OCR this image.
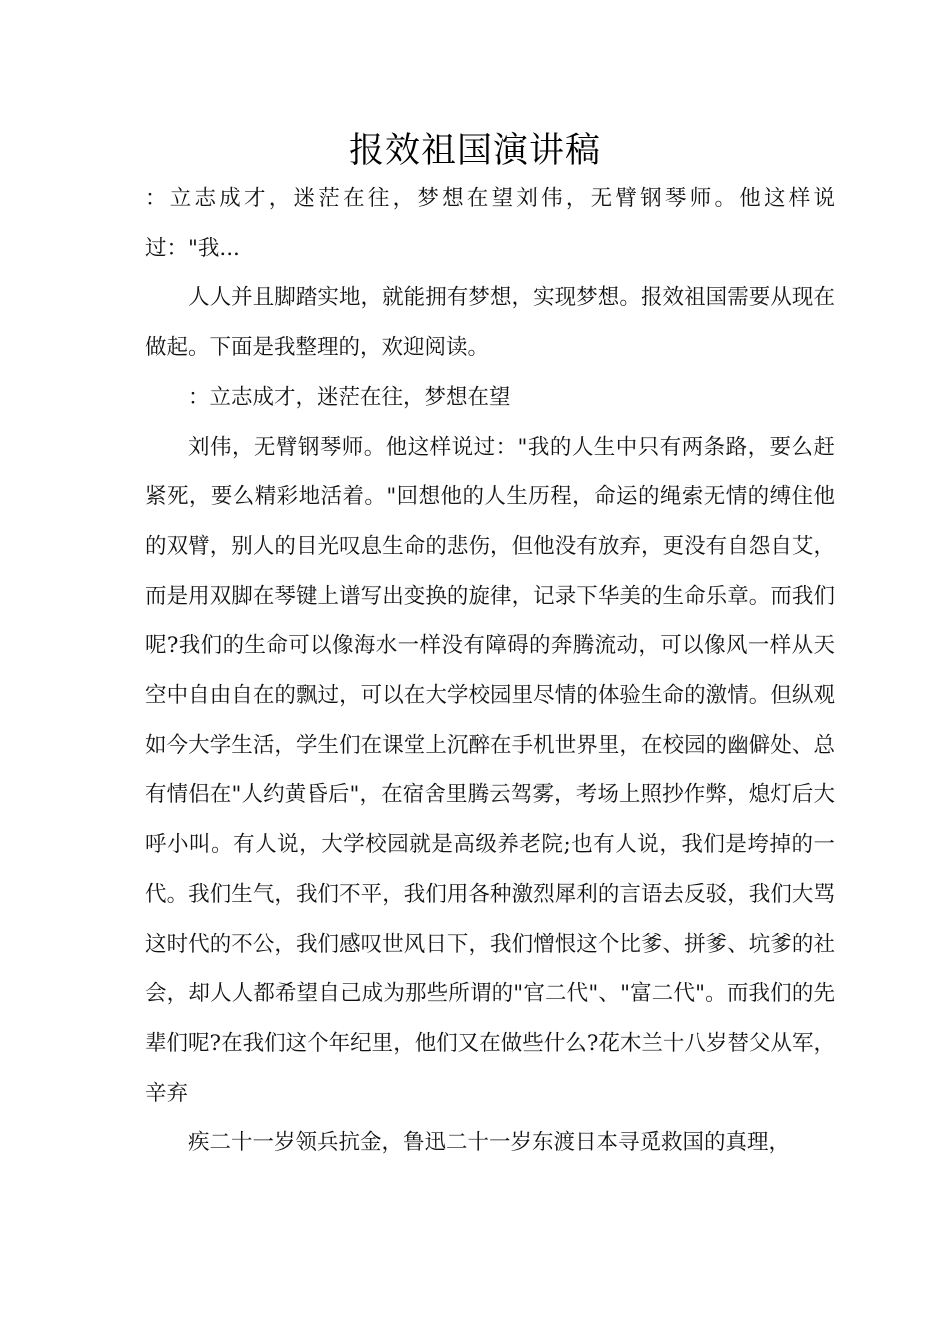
报效祖国演讲稿

：立志成才，迷茫在往，梦想在望刘伟，无臂钢琴师。他这样说过："我...

人人并且脚踏实地，就能拥有梦想，实现梦想。报效祖国需要从现在做起。下面是我整理的，欢迎阅读。

：立志成才，迷茫在往，梦想在望

刘伟，无臂钢琴师。他这样说过："我的人生中只有两条路，要么赶紧死，要么精彩地活着。"回想他的人生历程，命运的绳索无情的缚住他的双臂，别人的目光叹息生命的悲伤，但他没有放弃，更没有自怨自艾，而是用双脚在琴键上谱写出变换的旋律，记录下华美的生命乐章。而我们呢?我们的生命可以像海水一样没有障碍的奔腾流动，可以像风一样从天空中自由自在的飘过，可以在大学校园里尽情的体验生命的激情。但纵观如今大学生活，学生们在课堂上沉醉在手机世界里，在校园的幽僻处、总有情侣在"人约黄昏后"，在宿舍里腾云驾雾，考场上照抄作弊，熄灯后大呼小叫。有人说，大学校园就是高级养老院;也有人说，我们是垮掉的一代。我们生气，我们不平，我们用各种激烈犀利的言语去反驳，我们大骂这时代的不公，我们感叹世风日下，我们憎恨这个比爹、拼爹、坑爹的社会，却人人都希望自己成为那些所谓的"官二代"、"富二代"。而我们的先辈们呢?在我们这个年纪里，他们又在做些什么?花木兰十八岁替父从军，辛弃

疾二十一岁领兵抗金，鲁迅二十一岁东渡日本寻觅救国的真理，
